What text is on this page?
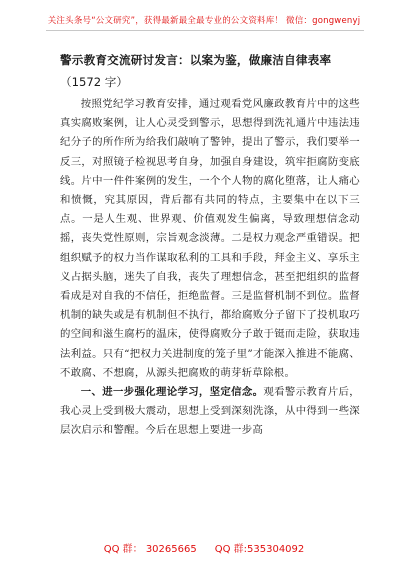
关注头条号“公文研究”，获得最新最全最专业的公文资料库！ 微信：gongwenyj

警示教育交流研讨发言：以案为鉴，做廉洁自律表率

（1572 字）

按照党纪学习教育安排，通过观看党风廉政教育片中的这些真实腐败案例，让人心灵受到警示，思想得到洗礼通片中违法违纪分子的所作所为给我们敲响了警钟，提出了警示，我们要举一反三，对照镜子检视思考自身，加强自身建设，筑牢拒腐防变底线。片中一件件案例的发生，一个个人物的腐化堕落，让人痛心和愤慨，究其原因，背后都有共同的特点，主要集中在以下三点。一是人生观、世界观、价值观发生偏离，导致理想信念动摇，丧失党性原则，宗旨观念淡薄。二是权力观念严重错误。把组织赋予的权力当作谋取私利的工具和手段，拜金主义、享乐主义占据头脑，迷失了自我，丧失了理想信念，甚至把组织的监督看成是对自我的不信任，拒绝监督。三是监督机制不到位。监督机制的缺失或是有机制但不执行，都给腐败分子留下了投机取巧的空间和滋生腐朽的温床，使得腐败分子敢于铤而走险，获取违法利益。只有“把权力关进制度的笼子里”才能深入推进不能腐、不敢腐、不想腐，从源头把腐败的萌芽斩草除根。

一、进一步强化理论学习，坚定信念。观看警示教育片后，我心灵上受到极大震动，思想上受到深刻洗涤，从中得到一些深层次启示和警醒。今后在思想上要进一步高

QQ 群： 30265665 QQ 群:535304092
